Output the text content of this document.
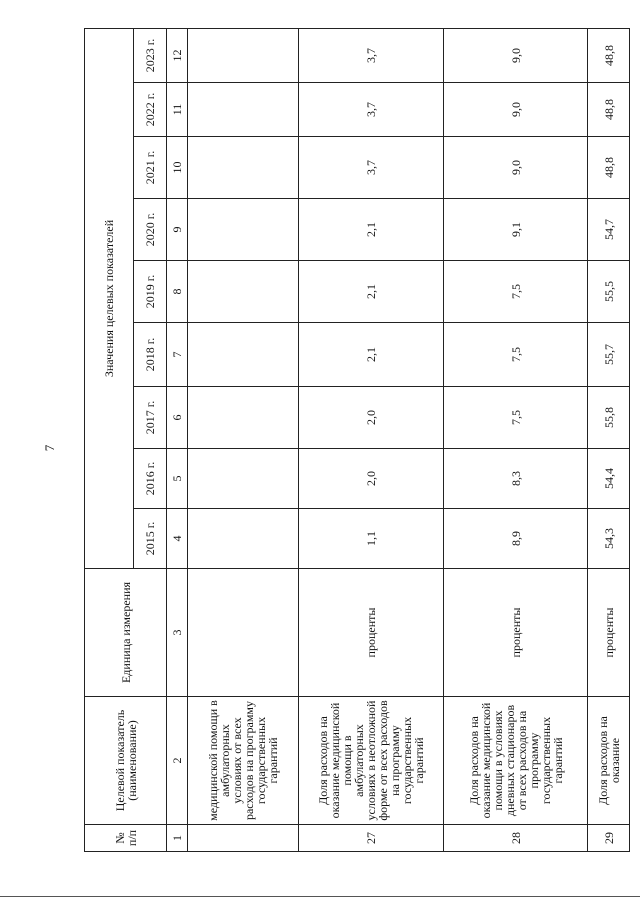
7
№ п/п	Целевой показатель (наименование)	Единица измерения	Значения целевых показателей								
			2015 г.	2016 г.	2017 г.	2018 г.	2019 г.	2020 г.	2021 г.	2022 г.	2023 г.
1	2	3	4	5	6	7	8	9	10	11	12
	медицинской помощи в амбулаторных условиях от всех расходов на программу государственных гарантий										
27	Доля расходов на оказание медицинской помощи в амбулаторных условиях в неотложной форме от всех расходов на программу государственных гарантий	проценты	1,1	2,0	2,0	2,1	2,1	2,1	3,7	3,7	3,7
28	Доля расходов на оказание медицинской помощи в условиях дневных стационаров от всех расходов на программу государственных гарантий	проценты	8,9	8,3	7,5	7,5	7,5	9,1	9,0	9,0	9,0
29	Доля расходов на оказание	проценты	54,3	54,4	55,8	55,7	55,5	54,7	48,8	48,8	48,8
